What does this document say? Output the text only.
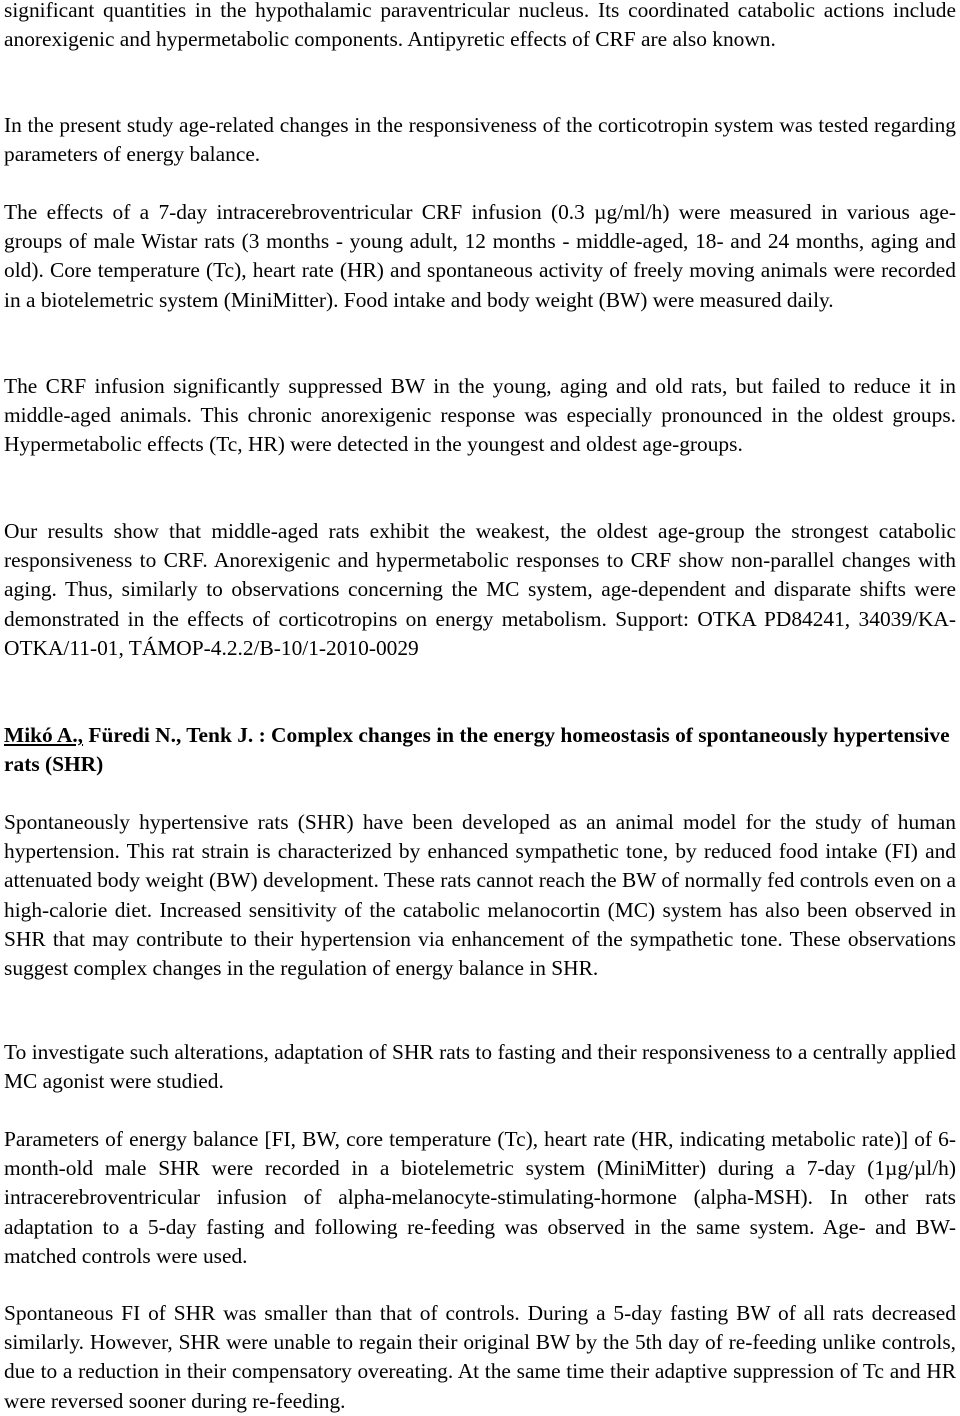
significant quantities in the hypothalamic paraventricular nucleus. Its coordinated catabolic actions include anorexigenic and hypermetabolic components. Antipyretic effects of CRF are also known.

In the present study age-related changes in the responsiveness of the corticotropin system was tested regarding parameters of energy balance.

The effects of a 7-day intracerebroventricular CRF infusion (0.3 µg/ml/h) were measured in various age-groups of male Wistar rats (3 months - young adult, 12 months - middle-aged, 18- and 24 months, aging and old). Core temperature (Tc), heart rate (HR) and spontaneous activity of freely moving animals were recorded in a biotelemetric system (MiniMitter). Food intake and body weight (BW) were measured daily.

The CRF infusion significantly suppressed BW in the young, aging and old rats, but failed to reduce it in middle-aged animals. This chronic anorexigenic response was especially pronounced in the oldest groups. Hypermetabolic effects (Tc, HR) were detected in the youngest and oldest age-groups.

Our results show that middle-aged rats exhibit the weakest, the oldest age-group the strongest catabolic responsiveness to CRF. Anorexigenic and hypermetabolic responses to CRF show non-parallel changes with aging. Thus, similarly to observations concerning the MC system, age-dependent and disparate shifts were demonstrated in the effects of corticotropins on energy metabolism. Support: OTKA PD84241, 34039/KA-OTKA/11-01, TÁMOP-4.2.2/B-10/1-2010-0029

Mikó A., Füredi N., Tenk J. : Complex changes in the energy homeostasis of spontaneously hypertensive rats (SHR)

Spontaneously hypertensive rats (SHR) have been developed as an animal model for the study of human hypertension. This rat strain is characterized by enhanced sympathetic tone, by reduced food intake (FI) and attenuated body weight (BW) development. These rats cannot reach the BW of normally fed controls even on a high-calorie diet. Increased sensitivity of the catabolic melanocortin (MC) system has also been observed in SHR that may contribute to their hypertension via enhancement of the sympathetic tone. These observations suggest complex changes in the regulation of energy balance in SHR.

To investigate such alterations, adaptation of SHR rats to fasting and their responsiveness to a centrally applied MC agonist were studied.

Parameters of energy balance [FI, BW, core temperature (Tc), heart rate (HR, indicating metabolic rate)] of 6-month-old male SHR were recorded in a biotelemetric system (MiniMitter) during a 7-day (1µg/µl/h) intracerebroventricular infusion of alpha-melanocyte-stimulating-hormone (alpha-MSH). In other rats adaptation to a 5-day fasting and following re-feeding was observed in the same system. Age- and BW-matched controls were used.

Spontaneous FI of SHR was smaller than that of controls. During a 5-day fasting BW of all rats decreased similarly. However, SHR were unable to regain their original BW by the 5th day of re-feeding unlike controls, due to a reduction in their compensatory overeating. At the same time their adaptive suppression of Tc and HR were reversed sooner during re-feeding.
